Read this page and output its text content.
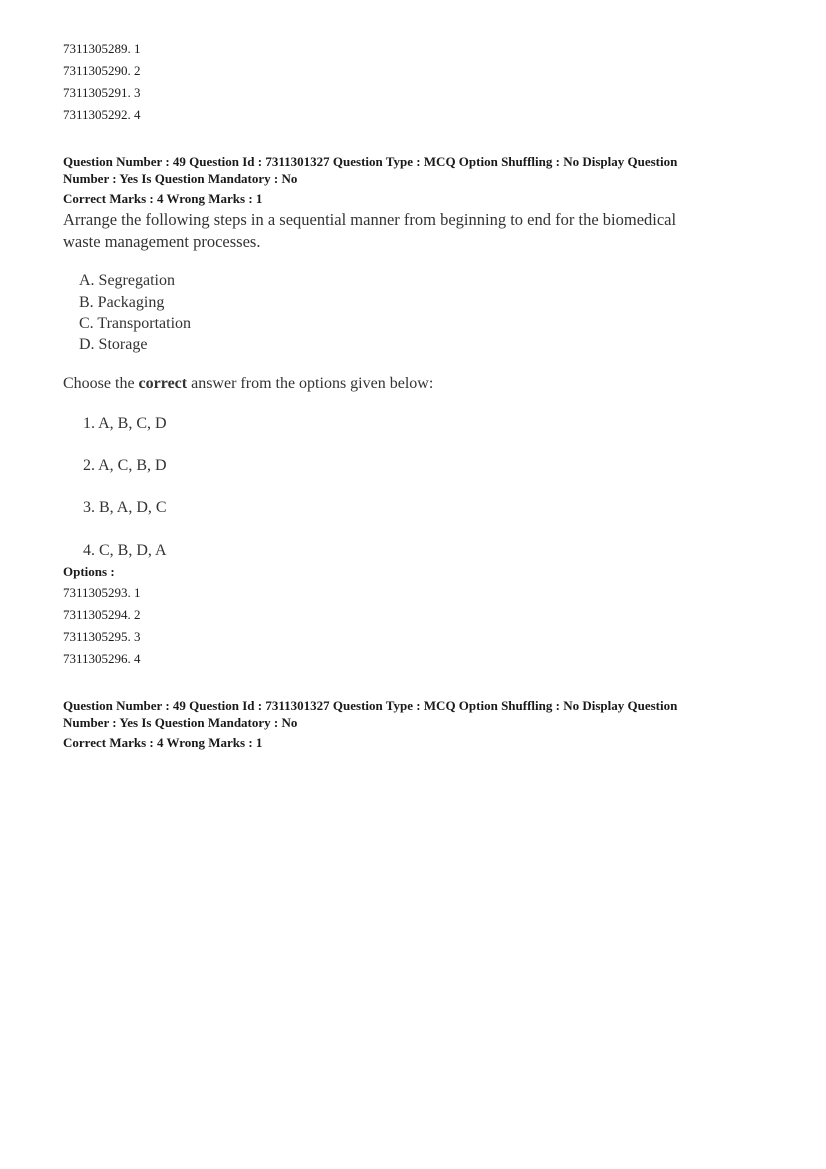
7311305289. 1
7311305290. 2
7311305291. 3
7311305292. 4
Question Number : 49 Question Id : 7311301327 Question Type : MCQ Option Shuffling : No Display Question
Number : Yes Is Question Mandatory : No
Correct Marks : 4 Wrong Marks : 1
Arrange the following steps in a sequential manner from beginning to end for the biomedical
waste management processes.
A. Segregation
B. Packaging
C. Transportation
D. Storage
Choose the correct answer from the options given below:
1. A, B, C, D
2. A, C, B, D
3. B, A, D, C
4. C, B, D, A
Options :
7311305293. 1
7311305294. 2
7311305295. 3
7311305296. 4
Question Number : 49 Question Id : 7311301327 Question Type : MCQ Option Shuffling : No Display Question
Number : Yes Is Question Mandatory : No
Correct Marks : 4 Wrong Marks : 1
